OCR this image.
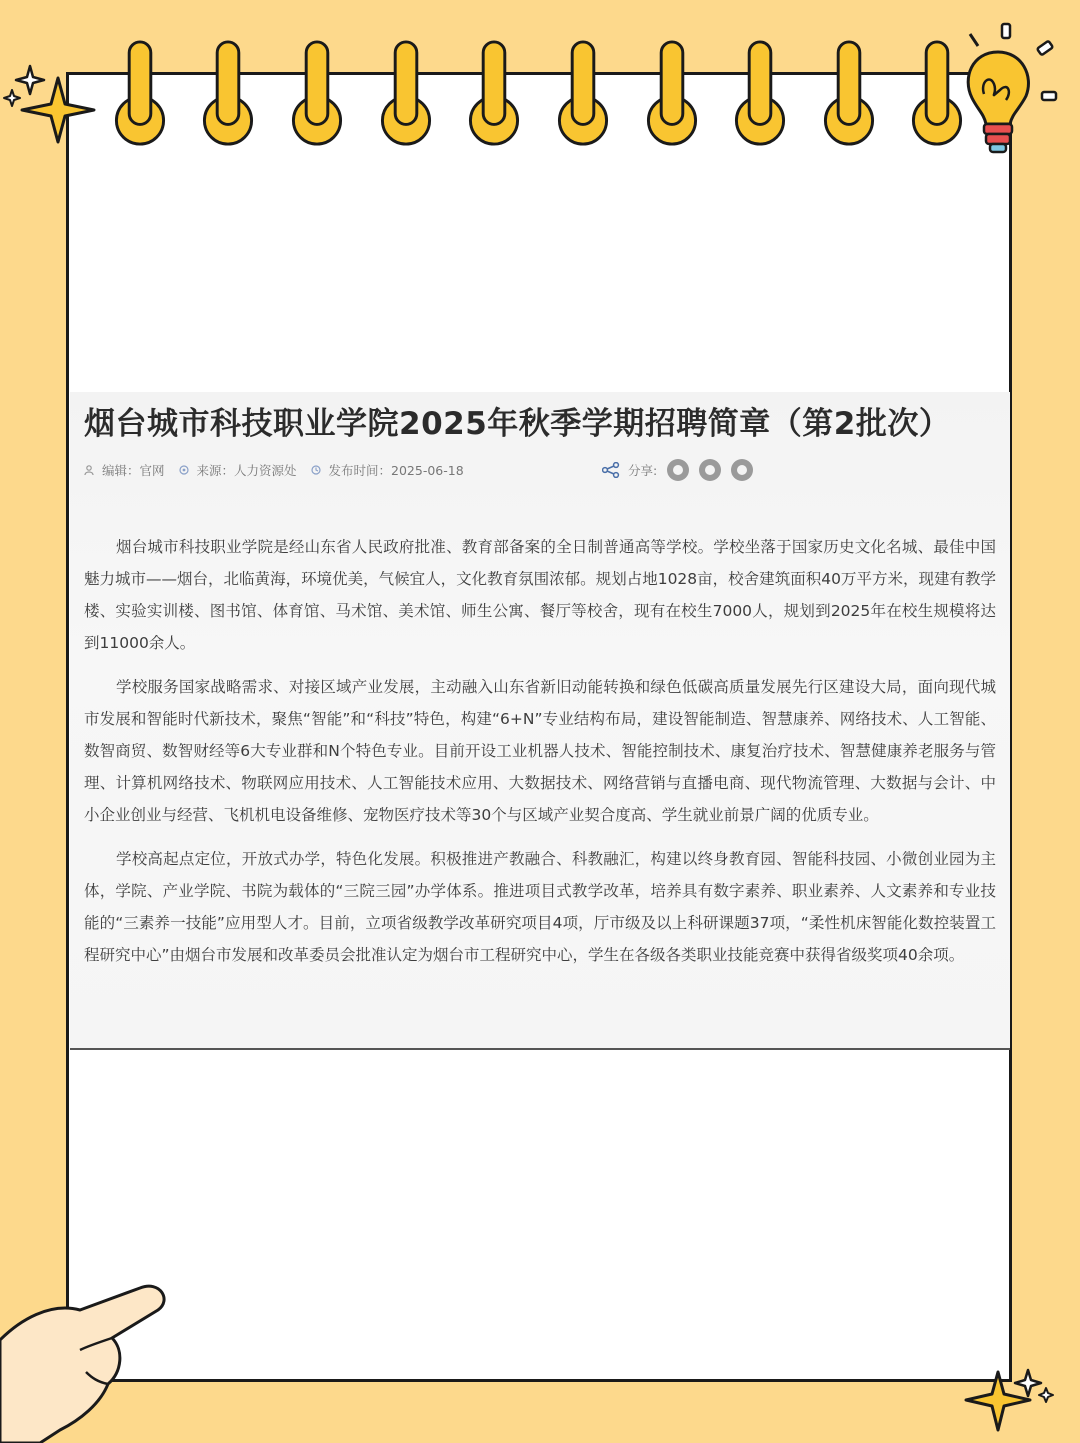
烟台城市科技职业学院2025年秋季学期招聘简章（第2批次）
编辑：官网	来源：人力资源处	发布时间：2025-06-18	分享:

烟台城市科技职业学院是经山东省人民政府批准、教育部备案的全日制普通高等学校。学校坐落于国家历史文化名城、最佳中国魅力城市——烟台，北临黄海，环境优美，气候宜人，文化教育氛围浓郁。规划占地1028亩，校舍建筑面积40万平方米，现建有教学楼、实验实训楼、图书馆、体育馆、马术馆、美术馆、师生公寓、餐厅等校舍，现有在校生7000人，规划到2025年在校生规模将达到11000余人。

学校服务国家战略需求、对接区域产业发展，主动融入山东省新旧动能转换和绿色低碳高质量发展先行区建设大局，面向现代城市发展和智能时代新技术，聚焦“智能”和“科技”特色，构建“6+N”专业结构布局，建设智能制造、智慧康养、网络技术、人工智能、数智商贸、数智财经等6大专业群和N个特色专业。目前开设工业机器人技术、智能控制技术、康复治疗技术、智慧健康养老服务与管理、计算机网络技术、物联网应用技术、人工智能技术应用、大数据技术、网络营销与直播电商、现代物流管理、大数据与会计、中小企业创业与经营、飞机机电设备维修、宠物医疗技术等30个与区域产业契合度高、学生就业前景广阔的优质专业。

学校高起点定位，开放式办学，特色化发展。积极推进产教融合、科教融汇，构建以终身教育园、智能科技园、小微创业园为主体，学院、产业学院、书院为载体的“三院三园”办学体系。推进项目式教学改革，培养具有数字素养、职业素养、人文素养和专业技能的“三素养一技能”应用型人才。目前，立项省级教学改革研究项目4项，厅市级及以上科研课题37项，“柔性机床智能化数控装置工程研究中心”由烟台市发展和改革委员会批准认定为烟台市工程研究中心，学生在各级各类职业技能竞赛中获得省级奖项40余项。
